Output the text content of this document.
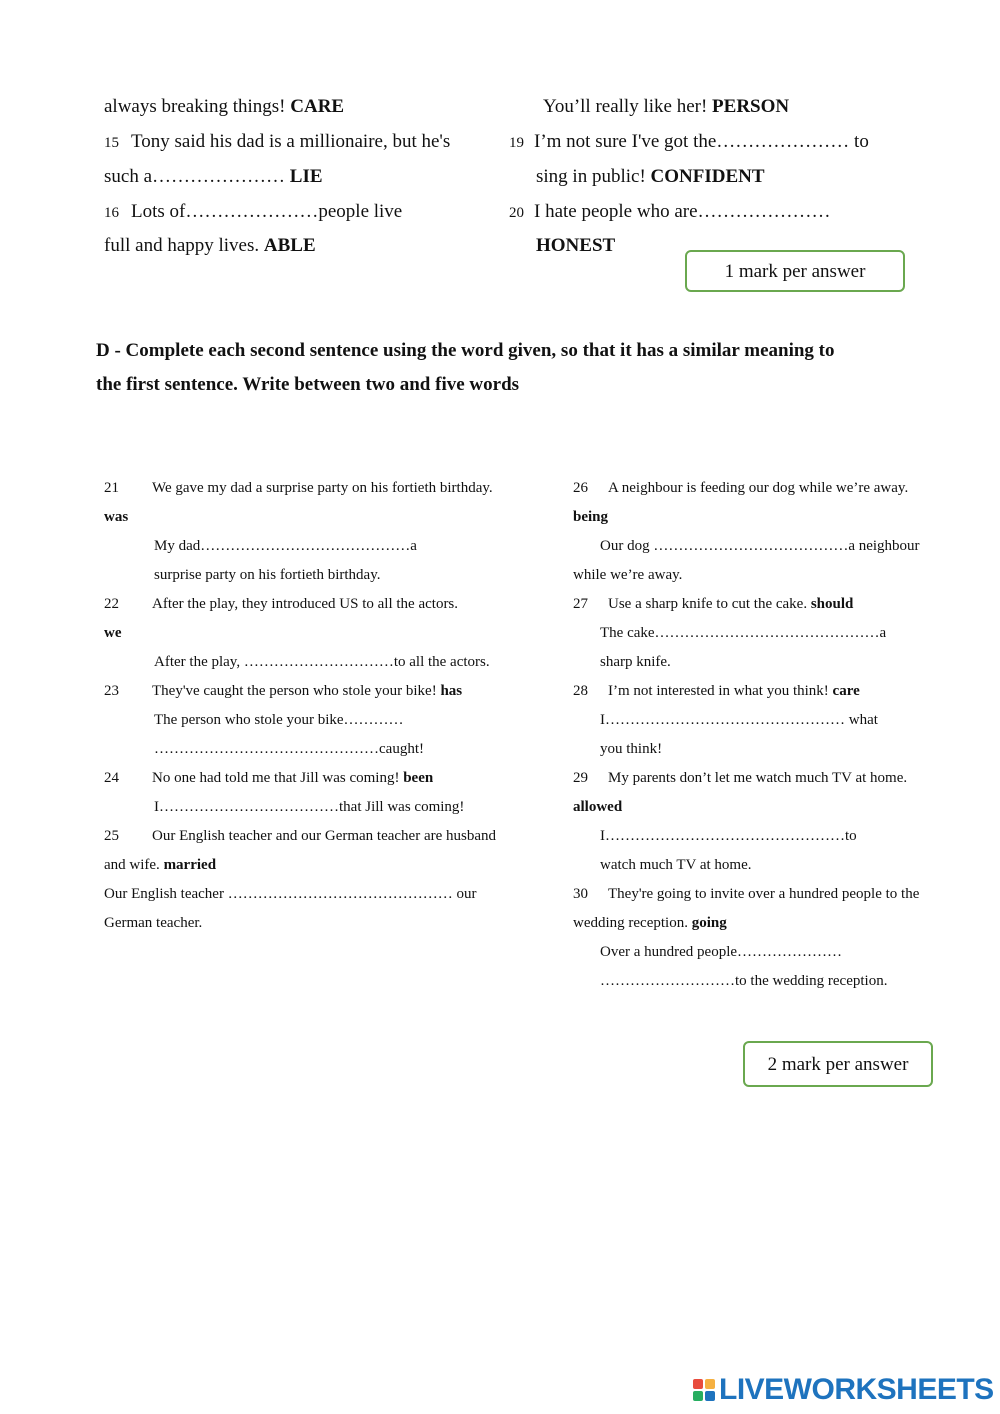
always breaking things! CARE
15 Tony said his dad is a millionaire, but he's
such a………………… LIE
16 Lots of…………………people live
full and happy lives. ABLE
You’ll really like her! PERSON
19 I’m not sure I've got the………………… to
sing in public! CONFIDENT
20 I hate people who are…………………
HONEST
1 mark per answer
D - Complete each second sentence using the word given, so that it has a similar meaning to
the first sentence. Write between two and five words
21 We gave my dad a surprise party on his fortieth birthday.
was
My dad……………………………………a
surprise party on his fortieth birthday.
22 After the play, they introduced US to all the actors.
we
After the play, …………………………to all the actors.
23 They've caught the person who stole your bike! has
The person who stole your bike…………
………………………………………caught!
24 No one had told me that Jill was coming! been
I………………………………that Jill was coming!
25 Our English teacher and our German teacher are husband
and wife. married
Our English teacher ……………………………………… our
German teacher.
26 A neighbour is feeding our dog while we’re away.
being
Our dog …………………………………a neighbour
while we’re away.
27 Use a sharp knife to cut the cake. should
The cake………………………………………a
sharp knife.
28 I’m not interested in what you think! care
I………………………………………… what
you think!
29 My parents don’t let me watch much TV at home.
allowed
I…………………………………………to
watch much TV at home.
30 They're going to invite over a hundred people to the
wedding reception. going
Over a hundred people…………………
………………………to the wedding reception.
2 mark per answer
LIVEWORKSHEETS
